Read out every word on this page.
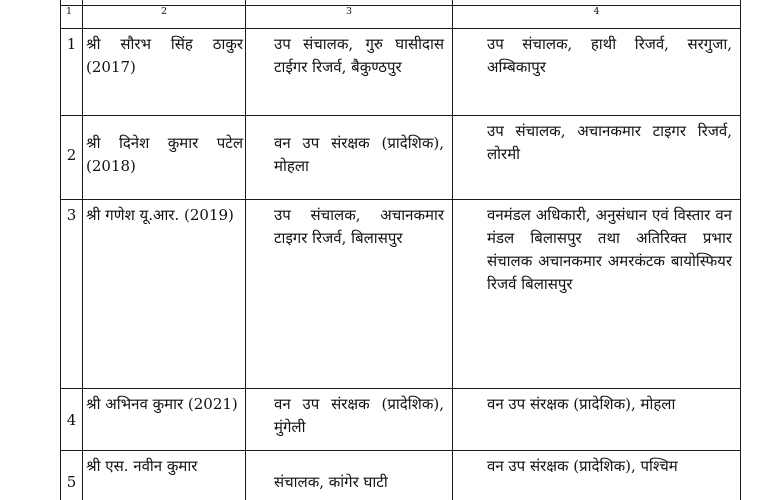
1	2	3	4

1	श्री सौरभ सिंह ठाकुर (2017)	उप संचालक, गुरु घासीदास टाईगर रिजर्व, बैकुण्ठपुर	उप संचालक, हाथी रिजर्व, सरगुजा, अम्बिकापुर

2	श्री दिनेश कुमार पटेल (2018)	वन उप संरक्षक (प्रादेशिक), मोहला	उप संचालक, अचानकमार टाइगर रिजर्व, लोरमी

3	श्री गणेश यू.आर. (2019)	उप संचालक, अचानकमार टाइगर रिजर्व, बिलासपुर	वनमंडल अधिकारी, अनुसंधान एवं विस्तार वन मंडल बिलासपुर तथा अतिरिक्त प्रभार संचालक अचानकमार अमरकंटक बायोस्फियर रिजर्व बिलासपुर

4	श्री अभिनव कुमार (2021)	वन उप संरक्षक (प्रादेशिक), मुंगेली	वन उप संरक्षक (प्रादेशिक), मोहला

5	श्री एस. नवीन कुमार	संचालक, कांगेर घाटी	वन उप संरक्षक (प्रादेशिक), पश्चिम
